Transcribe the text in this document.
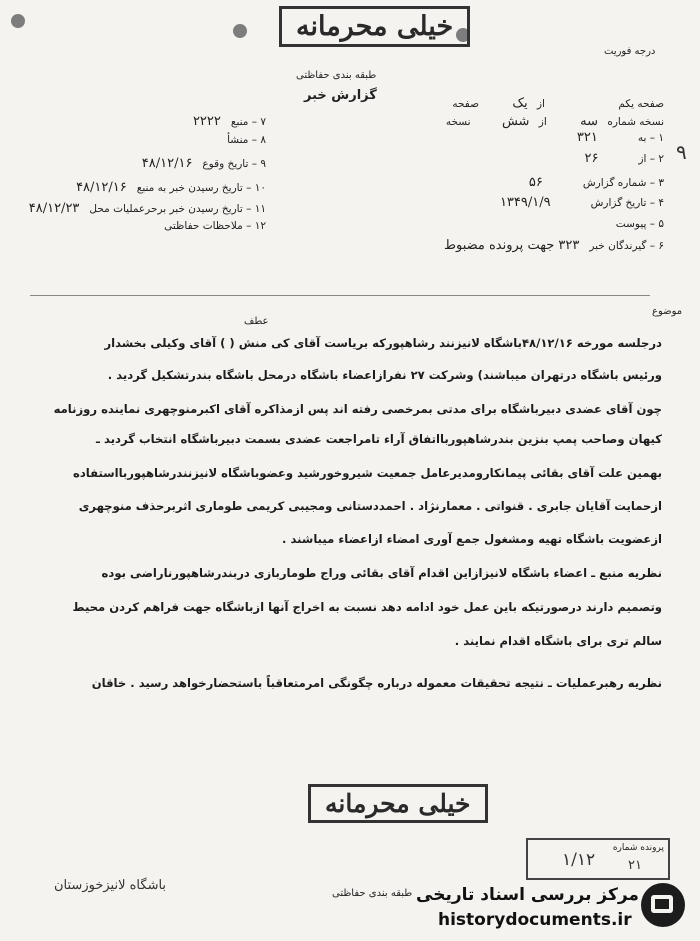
خیلی محرمانه
طبقه بندی حفاظتی
گزارش خبر
درجه فوریت
صفحه یکم از یک صفحه
نسخه شماره سه از شش نسخه
۱ – به۳۲۱
۲ – از۲۶
۳ – شماره گزارش۵۶
۴ – تاریخ گزارش۱۳۴۹/۱/۹
۵ – پیوست
۶ – گیرندگان خبر۳۲۳ جهت پرونده مضبوط
۹
۷ – منبع۲۲۲۲
۸ – منشأ
۹ – تاریخ وقوع۴۸/۱۲/۱۶
۱۰ – تاریخ رسیدن خبر به منبع۴۸/۱۲/۱۶
۱۱ – تاریخ رسیدن خبر برحرعملیات محل۴۸/۱۲/۲۳
۱۲ – ملاحظات حفاظتی
موضوع
عطف
درجلسه مورخه ۴۸/۱۲/۱۶باشگاه لانیزنند رشاهپورکه بریاست آقای کی منش ( ) آقای وکیلی بخشدار
ورئیس باشگاه درتهران میباشند) وشرکت ۲۷ نفرازاعضاء باشگاه درمحل باشگاه بندرتشکیل گردید .
چون آقای عضدی دبیرباشگاه برای مدتی بمرخصی رفته اند پس ازمذاکره آقای اکبرمنوچهری نماینده روزنامه
کیهان وصاحب پمپ بنزین بندرشاهپوربااتفاق آراء تامراجعت عضدی بسمت دبیرباشگاه انتخاب گردید ـ
بهمین علت آقای بقائی پیمانکارومدیرعامل جمعیت شیروخورشید وعضوباشگاه لانیزنندرشاهپوربااستفاده
ازحمایت آقایان جابری . قنواتی . معمارنژاد . احمددستانی ومجیبی کریمی طوماری اثربرحذف منوچهری
ازعضویت باشگاه تهیه ومشغول جمع آوری امضاء ازاعضاء میباشند .
نظریه منبع ـ اعضاء باشگاه لانیزازاین اقدام آقای بقائی وراج طوماربازی دربندرشاهپورناراضی بوده
وتصمیم دارند درصورتیکه باین عمل خود ادامه دهد نسبت به اخراج آنها ازباشگاه جهت فراهم کردن محیط
سالم تری برای باشگاه اقدام نمایند .
نظریه رهبرعملیات ـ نتیجه تحقیقات معموله درباره چگونگی امرمتعاقباً باستحضارخواهد رسید . خاقان
خیلی محرمانه
باشگاه لانیزخوزستان
طبقه بندی حفاظتی
پرونده شماره
۱/۱۲	۲۱
مرکز بررسی اسناد تاریخی
historydocuments.ir
